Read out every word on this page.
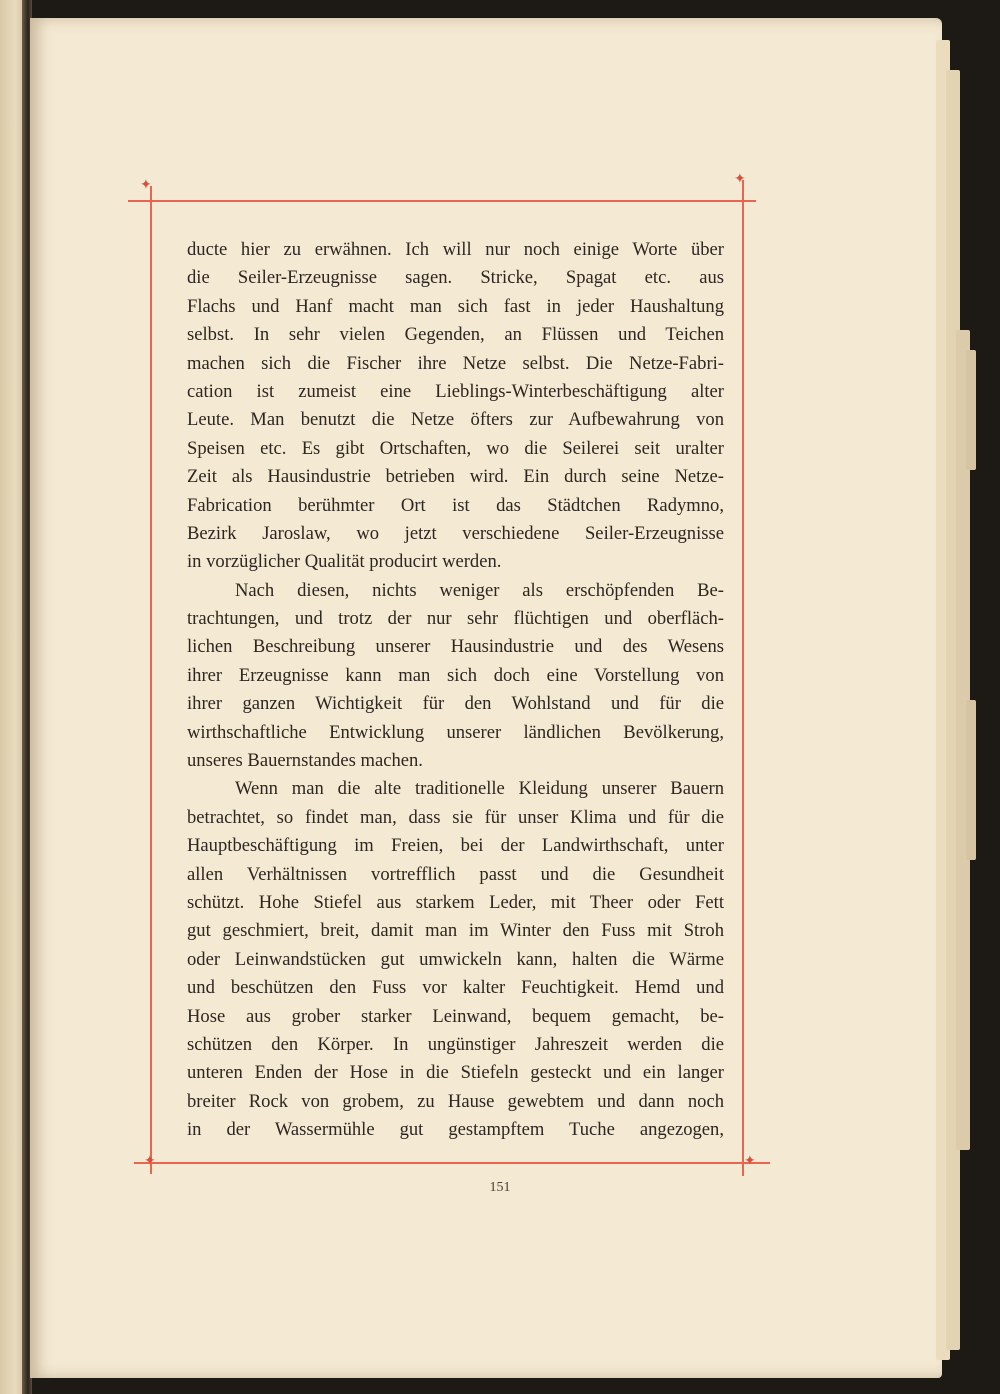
✦	✦
✦	✦
ducte hier zu erwähnen. Ich will nur noch einige Worte über
die Seiler-Erzeugnisse sagen. Stricke, Spagat etc. aus
Flachs und Hanf macht man sich fast in jeder Haushaltung
selbst. In sehr vielen Gegenden, an Flüssen und Teichen
machen sich die Fischer ihre Netze selbst. Die Netze-Fabri-
cation ist zumeist eine Lieblings-Winterbeschäftigung alter
Leute. Man benutzt die Netze öfters zur Aufbewahrung von
Speisen etc. Es gibt Ortschaften, wo die Seilerei seit uralter
Zeit als Hausindustrie betrieben wird. Ein durch seine Netze-
Fabrication berühmter Ort ist das Städtchen Radymno,
Bezirk Jaroslaw, wo jetzt verschiedene Seiler-Erzeugnisse
in vorzüglicher Qualität producirt werden.
Nach diesen, nichts weniger als erschöpfenden Be-
trachtungen, und trotz der nur sehr flüchtigen und oberfläch-
lichen Beschreibung unserer Hausindustrie und des Wesens
ihrer Erzeugnisse kann man sich doch eine Vorstellung von
ihrer ganzen Wichtigkeit für den Wohlstand und für die
wirthschaftliche Entwicklung unserer ländlichen Bevölkerung,
unseres Bauernstandes machen.
Wenn man die alte traditionelle Kleidung unserer Bauern
betrachtet, so findet man, dass sie für unser Klima und für die
Hauptbeschäftigung im Freien, bei der Landwirthschaft, unter
allen Verhältnissen vortrefflich passt und die Gesundheit
schützt. Hohe Stiefel aus starkem Leder, mit Theer oder Fett
gut geschmiert, breit, damit man im Winter den Fuss mit Stroh
oder Leinwandstücken gut umwickeln kann, halten die Wärme
und beschützen den Fuss vor kalter Feuchtigkeit. Hemd und
Hose aus grober starker Leinwand, bequem gemacht, be-
schützen den Körper. In ungünstiger Jahreszeit werden die
unteren Enden der Hose in die Stiefeln gesteckt und ein langer
breiter Rock von grobem, zu Hause gewebtem und dann noch
in der Wassermühle gut gestampftem Tuche angezogen,
151
